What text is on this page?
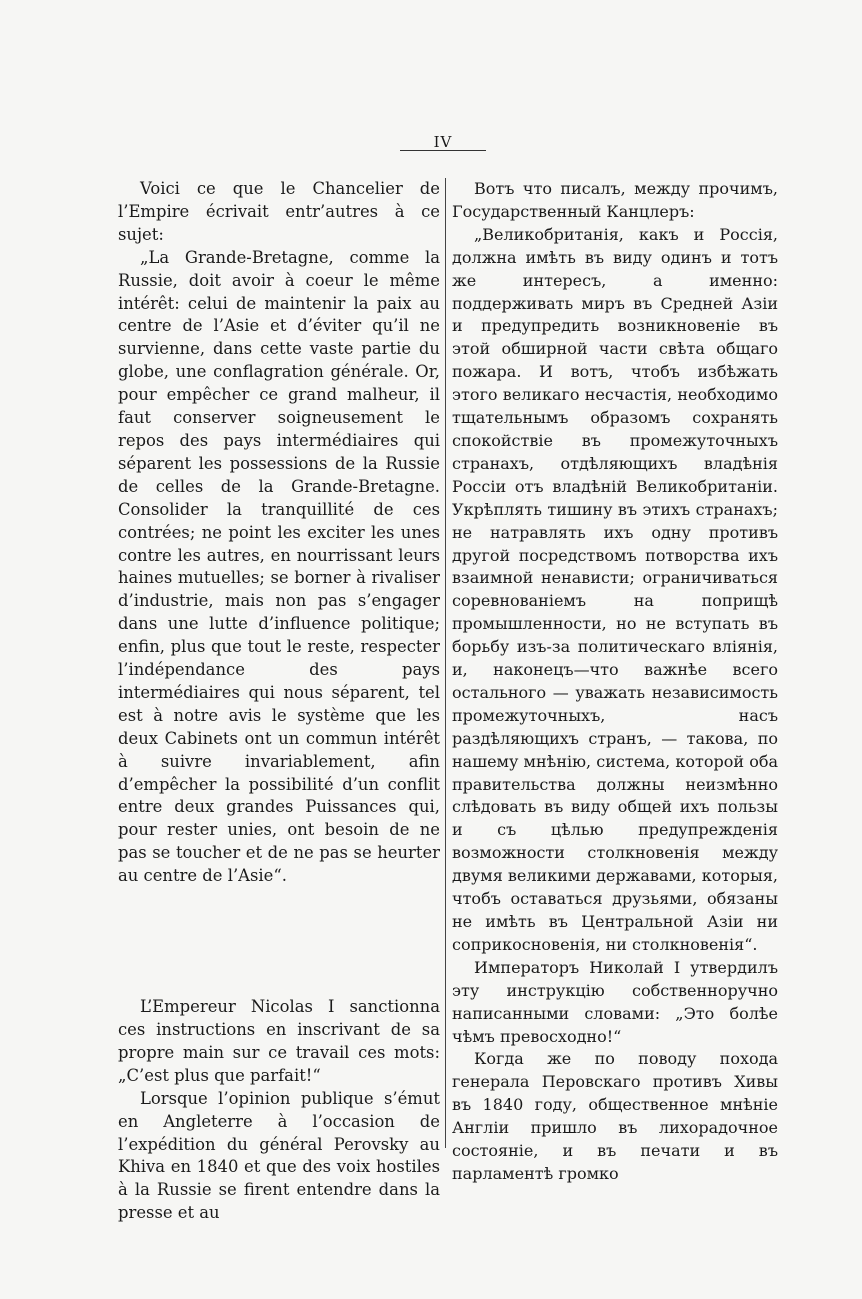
IV

Voici ce que le Chancelier de l’Empire écrivait entr’autres à ce sujet:

„La Grande-Bretagne, comme la Russie, doit avoir à coeur le même intérêt: celui de maintenir la paix au centre de l’Asie et d’éviter qu’il ne survienne, dans cette vaste partie du globe, une conflagration générale. Or, pour empêcher ce grand malheur, il faut conserver soigneusement le repos des pays intermédiaires qui séparent les possessions de la Russie de celles de la Grande-Bretagne. Consolider la tranquillité de ces contrées; ne point les exciter les unes contre les autres, en nourrissant leurs haines mutuelles; se borner à rivaliser d’industrie, mais non pas s’engager dans une lutte d’influence politique; enfin, plus que tout le reste, respecter l’indépendance des pays intermédiaires qui nous séparent, tel est à notre avis le système que les deux Cabinets ont un commun intérêt à suivre invariablement, afin d’empêcher la possibilité d’un conflit entre deux grandes Puissances qui, pour rester unies, ont besoin de ne pas se toucher et de ne pas se heurter au centre de l’Asie“.

L’Empereur Nicolas I sanctionna ces instructions en inscrivant de sa propre main sur ce travail ces mots: „C’est plus que parfait!“

Lorsque l’opinion publique s’émut en Angleterre à l’occasion de l’expédition du général Perovsky au Khiva en 1840 et que des voix hostiles à la Russie se firent entendre dans la presse et au

Вотъ что писалъ, между прочимъ, Государственный Канцлеръ:

„Великобританія, какъ и Россія, должна имѣть въ виду одинъ и тотъ же интересъ, а именно: поддерживать миръ въ Средней Азіи и предупредить возникновеніе въ этой обширной части свѣта общаго пожара. И вотъ, чтобъ избѣжать этого великаго несчастія, необходимо тщательнымъ образомъ сохранять спокойствіе въ промежуточныхъ странахъ, отдѣляющихъ владѣнія Россіи отъ владѣній Великобританіи. Укрѣплять тишину въ этихъ странахъ; не натравлять ихъ одну противъ другой посредствомъ потворства ихъ взаимной ненависти; ограничиваться соревнованіемъ на поприщѣ промышленности, но не вступать въ борьбу изъ-за политическаго вліянія, и, наконецъ—что важнѣе всего остального — уважать независимость промежуточныхъ, насъ раздѣляющихъ странъ, — такова, по нашему мнѣнію, система, которой оба правительства должны неизмѣнно слѣдовать въ виду общей ихъ пользы и съ цѣлью предупрежденія возможности столкновенія между двумя великими державами, которыя, чтобъ оставаться друзьями, обязаны не имѣть въ Центральной Азіи ни соприкосновенія, ни столкновенія“.

Императоръ Николай I утвердилъ эту инструкцію собственноручно написанными словами: „Это болѣе чѣмъ превосходно!“

Когда же по поводу похода генерала Перовскаго противъ Хивы въ 1840 году, общественное мнѣніе Англіи пришло въ лихорадочное состояніе, и въ печати и въ парламентѣ громко
